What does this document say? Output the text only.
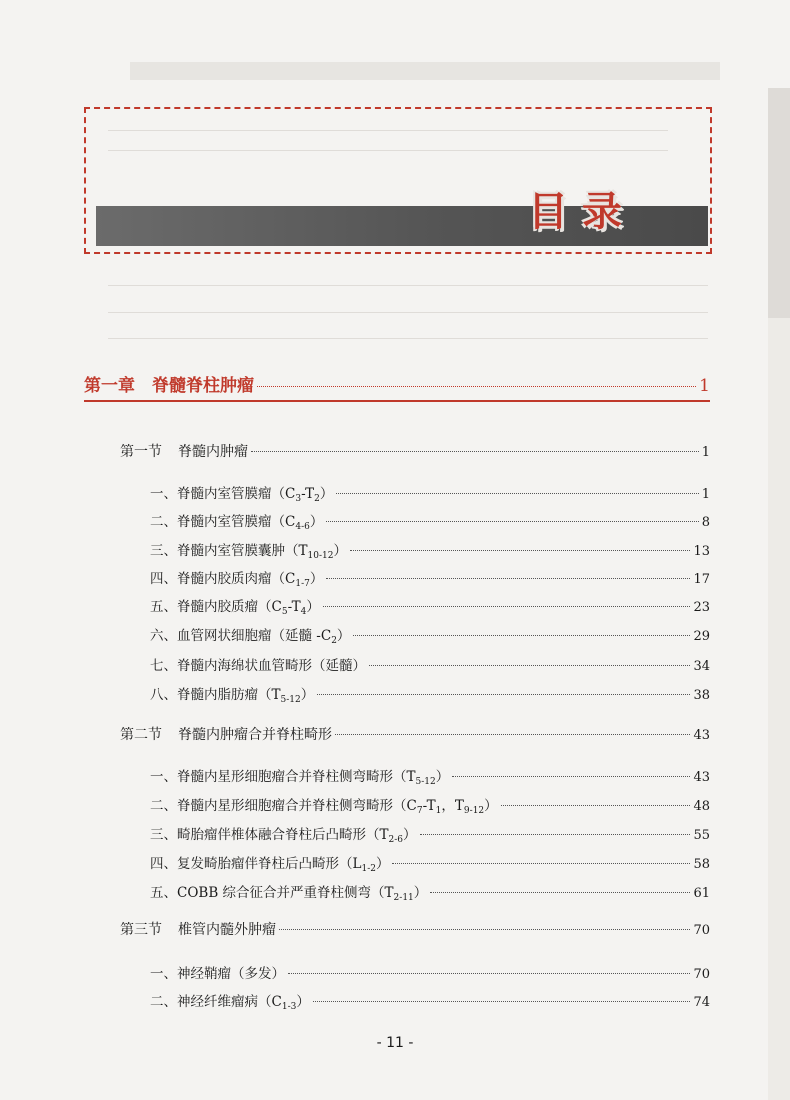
目录
第一章　脊髓脊柱肿瘤	1
第一节 脊髓内肿瘤	1
第二节 脊髓内肿瘤合并脊柱畸形	43
第三节 椎管内髓外肿瘤	70
一、脊髓内室管膜瘤$(C_3-T_2)$	1
二、脊髓内室管膜瘤$(C_{4-6})$	8
三、脊髓内室管膜囊肿$(T_{10-12})$	13
四、脊髓内胶质肉瘤$(C_{1-7})$	17
五、脊髓内胶质瘤$(C_5-T_4)$	23
六、血管网状细胞瘤（延髓 $-C_2$）	29
七、脊髓内海绵状血管畸形（延髓）	34
八、脊髓内脂肪瘤$(T_{5-12})$	38
一、脊髓内星形细胞瘤合并脊柱侧弯畸形$(T_{5-12})$	43
二、脊髓内星形细胞瘤合并脊柱侧弯畸形（$C_7-T_1$，$T_{9-12}$）	48
三、畸胎瘤伴椎体融合脊柱后凸畸形$(T_{2-6})$	55
四、复发畸胎瘤伴脊柱后凸畸形$(L_{1-2})$	58
五、COBB 综合征合并严重脊柱侧弯$(T_{2-11})$	61
一、神经鞘瘤（多发）	70
二、神经纤维瘤病$(C_{1-3})$	74
- 11 -
